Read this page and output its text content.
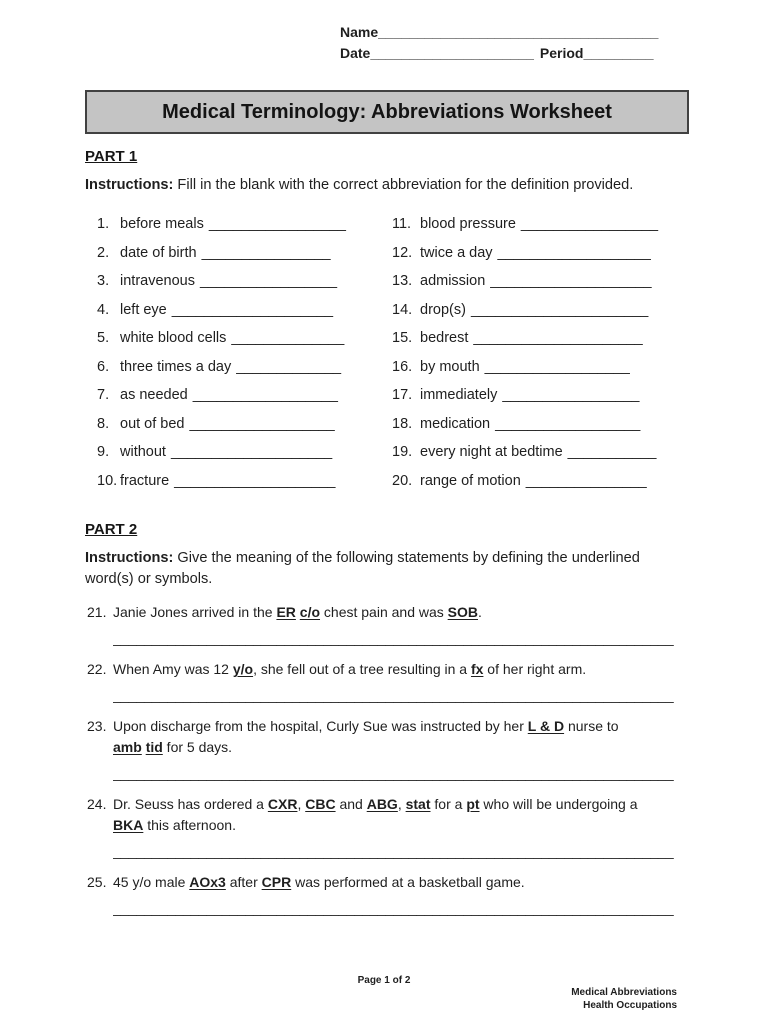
Name____________________________________
Date_____________________ Period_________
Medical Terminology: Abbreviations Worksheet
PART 1
Instructions: Fill in the blank with the correct abbreviation for the definition provided.
1. before meals _________________
2. date of birth ________________
3. intravenous _________________
4. left eye ____________________
5. white blood cells ______________
6. three times a day _____________
7. as needed __________________
8. out of bed __________________
9. without ____________________
10. fracture ____________________
11. blood pressure _________________
12. twice a day ___________________
13. admission ____________________
14. drop(s) ______________________
15. bedrest _____________________
16. by mouth __________________
17. immediately _________________
18. medication __________________
19. every night at bedtime ___________
20. range of motion _______________
PART 2
Instructions: Give the meaning of the following statements by defining the underlined
word(s) or symbols.
21. Janie Jones arrived in the ER c/o chest pain and was SOB.
________________________________________________________________________
22. When Amy was 12 y/o, she fell out of a tree resulting in a fx of her right arm.
________________________________________________________________________
23. Upon discharge from the hospital, Curly Sue was instructed by her L & D nurse to
amb tid for 5 days.
________________________________________________________________________
24. Dr. Seuss has ordered a CXR, CBC and ABG, stat for a pt who will be undergoing a
BKA this afternoon.
________________________________________________________________________
25. 45 y/o male AOx3 after CPR was performed at a basketball game.
________________________________________________________________________
Page 1 of 2
Medical Abbreviations
Health Occupations
